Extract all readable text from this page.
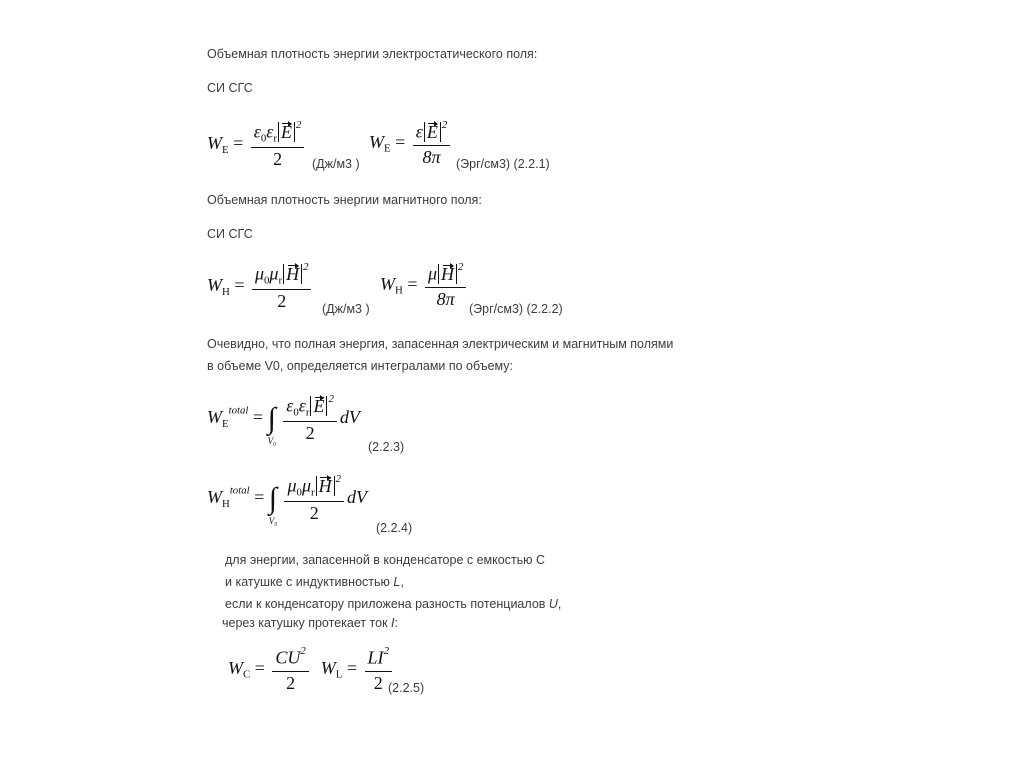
Объемная плотность энергии электростатического поля:
СИ СГС
$W_E = \frac{\varepsilon_0\varepsilon_r E ^2}{2} (Дж/м3$ )
$W_E = \frac{\varepsilon E ^2}{8\pi} (Эрг/см3)$ (2.2.1)
Объемная плотность энергии магнитного поля:
СИ СГС
$W_H = \frac{\mu_0\mu_r H ^2}{2} (Дж/м3$ )
$W_H = \frac{\mu H ^2}{8\pi} (Эрг/см3)$ (2.2.2)
Очевидно, что полная энергия, запасенная электрическим и магнитным полями
в объеме V0, определяется интегралами по объему:
$W_E^{total}$ = ∫
V₀
$\frac{\varepsilon_0\varepsilon_r E ^2}{2}$ dV
(2.2.3)
$W_H^{total}$ = ∫
V₀
$\frac{\mu_0\mu_r H ^2}{2}$ dV
(2.2.4)
для энергии, запасенной в конденсаторе с емкостью С
и катушке с индуктивностью L,
если к конденсатору приложена разность потенциалов U,
через катушку протекает ток I:
$W_C = \frac{CU^2}{2} W_L = \frac{LI^2}{2}$
(2.2.5)
